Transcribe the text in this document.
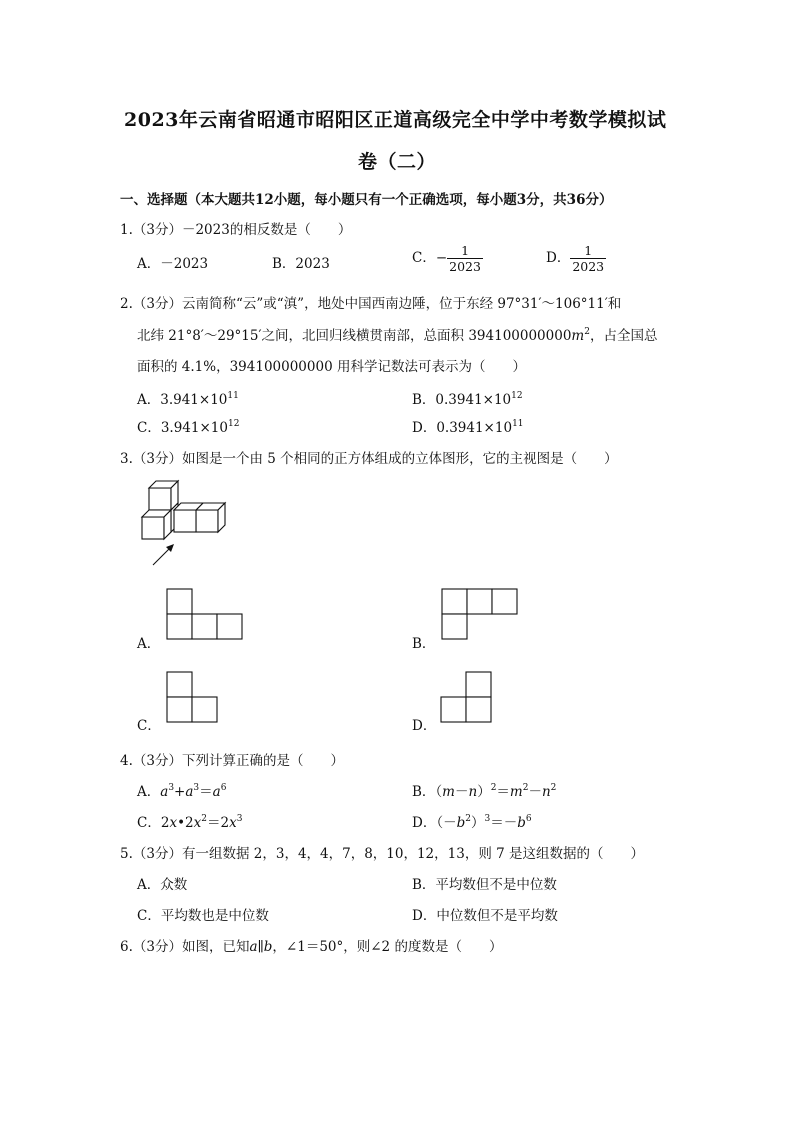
2023年云南省昭通市昭阳区正道高级完全中学中考数学模拟试
卷（二）
一、选择题（本大题共12小题，每小题只有一个正确选项，每小题3分，共36分）
1.（3分）－2023的相反数是（　　）
A．－2023	B．2023	C．− $\frac{1}{2023}$	D． $\frac{1}{2023}$
2.（3分）云南简称“云”或“滇”，地处中国西南边陲，位于东经 97°31′～106°11′和
北纬 21°8′～29°15′之间，北回归线横贯南部，总面积 $394100000000m^2$，占全国总
面积的 4.1%，394100000000 用科学记数法可表示为（　　）
A．$3.941\times 10^{11}$	B．$0.3941\times 10^{12}$
C．$3.941\times 10^{12}$	D．$0.3941\times 10^{11}$
3.（3分）如图是一个由 5 个相同的正方体组成的立体图形，它的主视图是（　　）
A．	B．
C．	D．
4.（3分）下列计算正确的是（　　）
A．$a^3+a^3=a^6$	B．$(m-n)^2=m^2-n^2$
C．$2x•2x^2=2x^3$	D．$(-b^2)^3=-b^6$
5.（3分）有一组数据 2，3，4，4，7，8，10，12，13，则 7 是这组数据的（　　）
A．众数	B．平均数但不是中位数
C．平均数也是中位数	D．中位数但不是平均数
6.（3分）如图，已知a∥b，∠1＝50°，则∠2 的度数是（　　）
